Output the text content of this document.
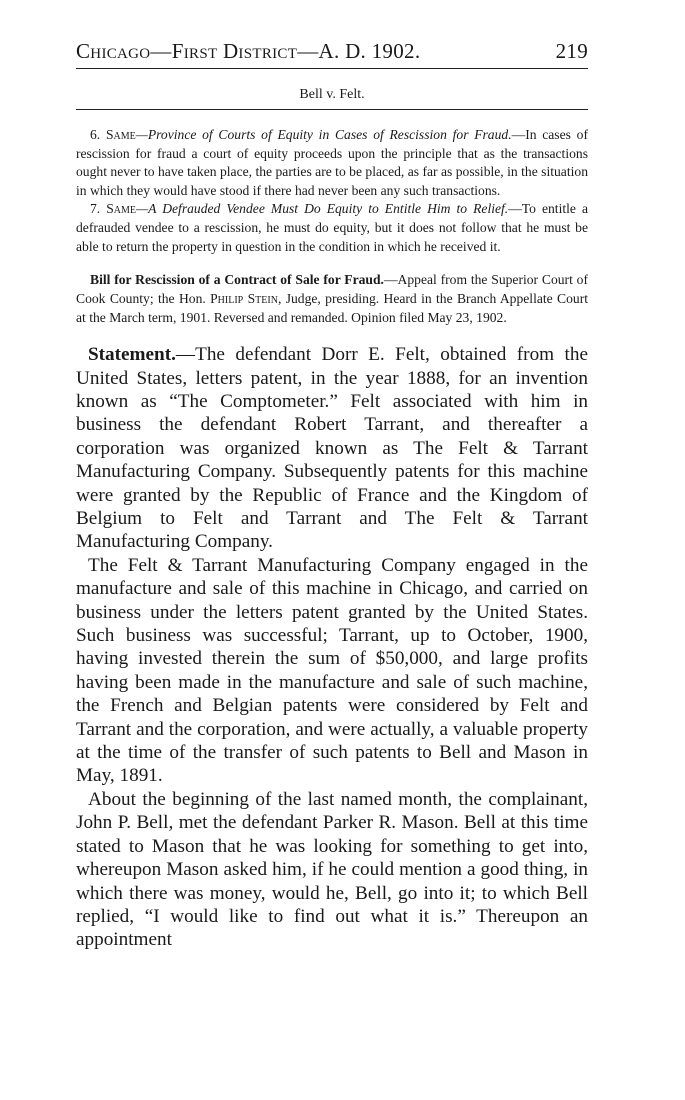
Chicago—First District—A. D. 1902.	219
Bell v. Felt.

6. Same—Province of Courts of Equity in Cases of Rescission for Fraud.—In cases of rescission for fraud a court of equity proceeds upon the principle that as the transactions ought never to have taken place, the parties are to be placed, as far as possible, in the situation in which they would have stood if there had never been any such transactions.

7. Same—A Defrauded Vendee Must Do Equity to Entitle Him to Relief.—To entitle a defrauded vendee to a rescission, he must do equity, but it does not follow that he must be able to return the property in question in the condition in which he received it.

Bill for Rescission of a Contract of Sale for Fraud.—Appeal from the Superior Court of Cook County; the Hon. Philip Stein, Judge, presiding. Heard in the Branch Appellate Court at the March term, 1901. Reversed and remanded. Opinion filed May 23, 1902.

Statement.—The defendant Dorr E. Felt, obtained from the United States, letters patent, in the year 1888, for an invention known as “The Comptometer.” Felt associated with him in business the defendant Robert Tarrant, and thereafter a corporation was organized known as The Felt & Tarrant Manufacturing Company. Subsequently patents for this machine were granted by the Republic of France and the Kingdom of Belgium to Felt and Tarrant and The Felt & Tarrant Manufacturing Company.

The Felt & Tarrant Manufacturing Company engaged in the manufacture and sale of this machine in Chicago, and carried on business under the letters patent granted by the United States. Such business was successful; Tarrant, up to October, 1900, having invested therein the sum of $50,000, and large profits having been made in the manufacture and sale of such machine, the French and Belgian patents were considered by Felt and Tarrant and the corporation, and were actually, a valuable property at the time of the transfer of such patents to Bell and Mason in May, 1891.

About the beginning of the last named month, the complainant, John P. Bell, met the defendant Parker R. Mason. Bell at this time stated to Mason that he was looking for something to get into, whereupon Mason asked him, if he could mention a good thing, in which there was money, would he, Bell, go into it; to which Bell replied, “I would like to find out what it is.” Thereupon an appointment
